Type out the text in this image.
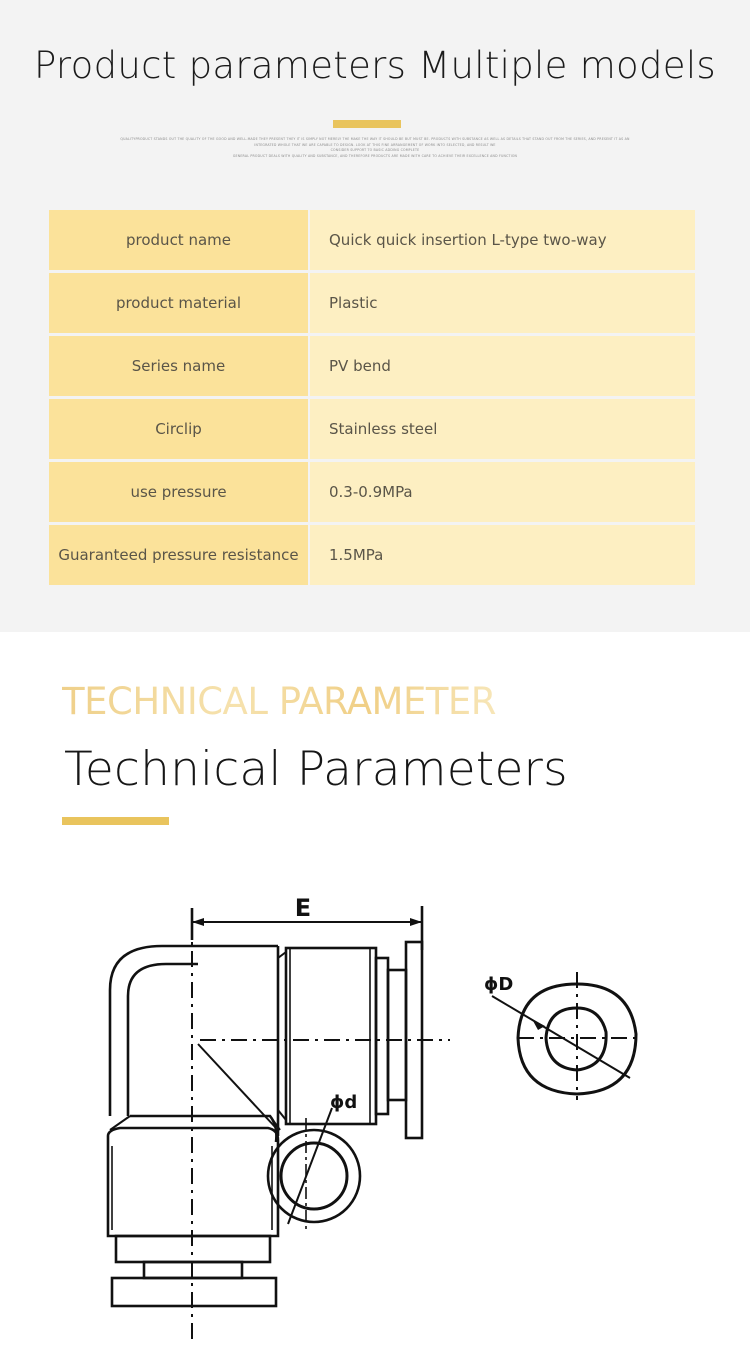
Product parameters Multiple models
QUALITYPRODUCT STANDS OUT THE QUALITY OF THE GOOD AND WELL-MADE THEY PRESENT THEY IT IS SIMPLY NOT MERELY THE MAKE THE WAY IT SHOULD BE BUT MUST BE. PRODUCTS WITH SUBSTANCE AS WELL AS DETAILS THAT STAND OUT FROM THE SERIES, AND PRESENT IT AS AN INTEGRATED WHOLE THAT WE ARE CAPABLE TO DESIGN. LOOK AT THIS FINE ARRANGEMENT OF WORK INTO SELECTED, AND RESULT WE
CONSIDER SUPPORT TO BASIC ADDING COMPLETE
GENERAL PRODUCT DEALS WITH QUALITY AND SUBSTANCE, AND THEREFORE PRODUCTS ARE MADE WITH CARE TO ACHIEVE THEIR EXCELLENCE AND FUNCTION
product name	Quick quick insertion L-type two-way
product material	Plastic
Series name	PV bend
Circlip	Stainless steel
use pressure	0.3-0.9MPa
Guaranteed pressure resistance	1.5MPa
TECHNICAL PARAMETER
Technical Parameters
E
ϕd
ϕD
